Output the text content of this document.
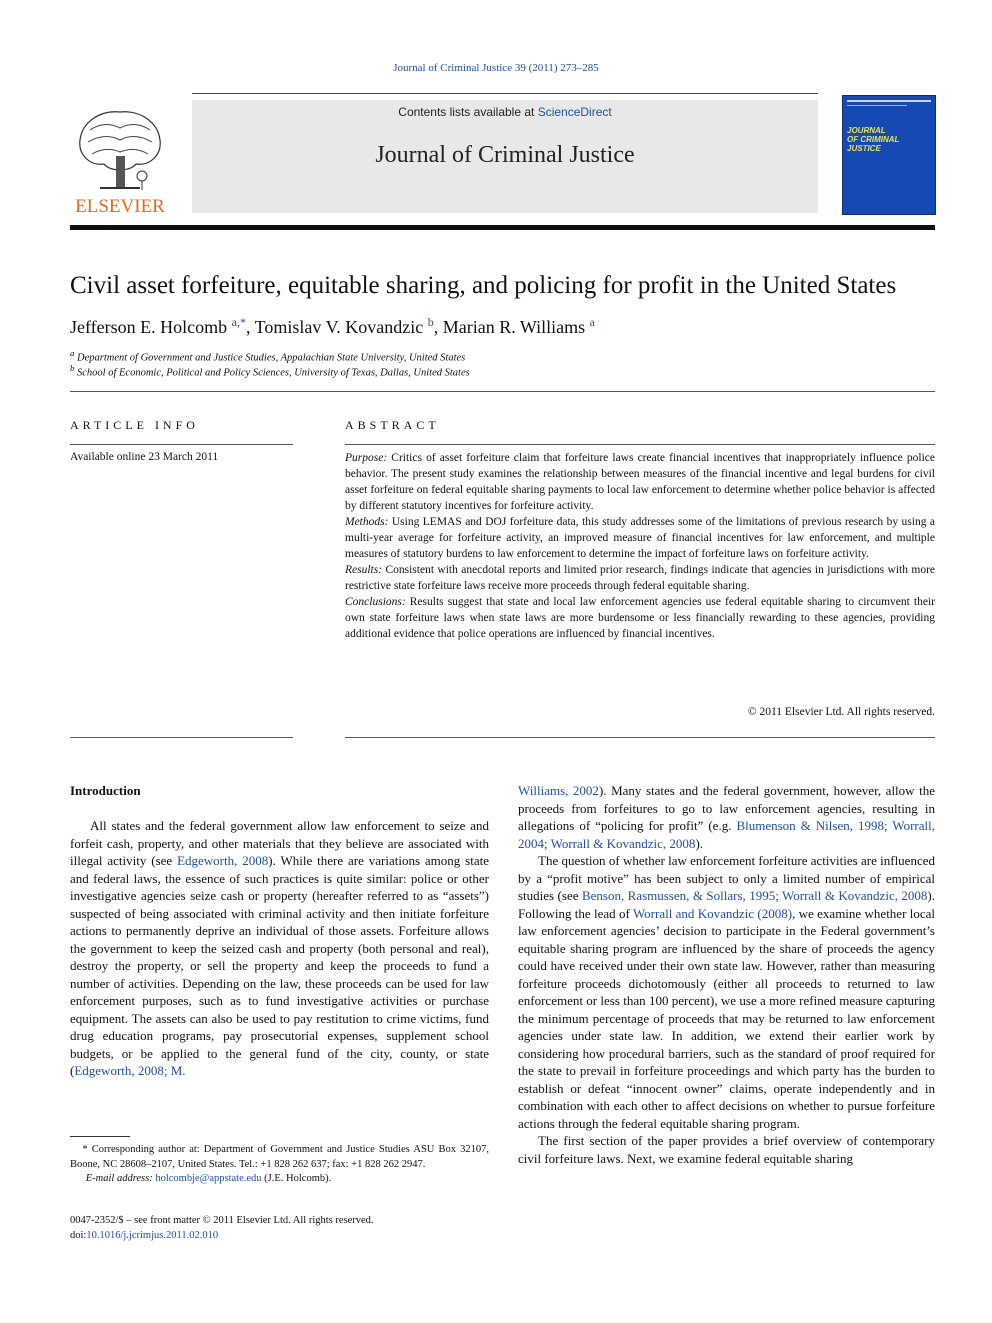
Journal of Criminal Justice 39 (2011) 273–285
ELSEVIER
Contents lists available at ScienceDirect
Journal of Criminal Justice
JOURNAL
OF CRIMINAL
JUSTICE
Civil asset forfeiture, equitable sharing, and policing for profit in the United States
Jefferson E. Holcomb $^{a,*}$, Tomislav V. Kovandzic $^b$, Marian R. Williams $^a$
$^a$ Department of Government and Justice Studies, Appalachian State University, United States
$^b$ School of Economic, Political and Policy Sciences, University of Texas, Dallas, United States
ARTICLE INFO	ABSTRACT
Available online 23 March 2011	Purpose: Critics of asset forfeiture claim that forfeiture laws create financial incentives that inappropriately influence police behavior. The present study examines the relationship between measures of the financial incentive and legal burdens for civil asset forfeiture on federal equitable sharing payments to local law enforcement to determine whether police behavior is affected by different statutory incentives for forfeiture activity.

Methods: Using LEMAS and DOJ forfeiture data, this study addresses some of the limitations of previous research by using a multi-year average for forfeiture activity, an improved measure of financial incentives for law enforcement, and multiple measures of statutory burdens to law enforcement to determine the impact of forfeiture laws on forfeiture activity.

Results: Consistent with anecdotal reports and limited prior research, findings indicate that agencies in jurisdictions with more restrictive state forfeiture laws receive more proceeds through federal equitable sharing.

Conclusions: Results suggest that state and local law enforcement agencies use federal equitable sharing to circumvent their own state forfeiture laws when state laws are more burdensome or less financially rewarding to these agencies, providing additional evidence that police operations are influenced by financial incentives.

© 2011 Elsevier Ltd. All rights reserved.
Introduction

All states and the federal government allow law enforcement to seize and forfeit cash, property, and other materials that they believe are associated with illegal activity (see Edgeworth, 2008). While there are variations among state and federal laws, the essence of such practices is quite similar: police or other investigative agencies seize cash or property (hereafter referred to as “assets”) suspected of being associated with criminal activity and then initiate forfeiture actions to permanently deprive an individual of those assets. Forfeiture allows the government to keep the seized cash and property (both personal and real), destroy the property, or sell the property and keep the proceeds to fund a number of activities. Depending on the law, these proceeds can be used for law enforcement purposes, such as to fund investigative activities or purchase equipment. The assets can also be used to pay restitution to crime victims, fund drug education programs, pay prosecutorial expenses, supplement school budgets, or be applied to the general fund of the city, county, or state (Edgeworth, 2008; M.

Williams, 2002). Many states and the federal government, however, allow the proceeds from forfeitures to go to law enforcement agencies, resulting in allegations of “policing for profit” (e.g. Blumenson & Nilsen, 1998; Worrall, 2004; Worrall & Kovandzic, 2008).

The question of whether law enforcement forfeiture activities are influenced by a “profit motive” has been subject to only a limited number of empirical studies (see Benson, Rasmussen, & Sollars, 1995; Worrall & Kovandzic, 2008). Following the lead of Worrall and Kovandzic (2008), we examine whether local law enforcement agencies’ decision to participate in the Federal government’s equitable sharing program are influenced by the share of proceeds the agency could have received under their own state law. However, rather than measuring forfeiture proceeds dichotomously (either all proceeds to returned to law enforcement or less than 100 percent), we use a more refined measure capturing the minimum percentage of proceeds that may be returned to law enforcement agencies under state law. In addition, we extend their earlier work by considering how procedural barriers, such as the standard of proof required for the state to prevail in forfeiture proceedings and which party has the burden to establish or defeat “innocent owner” claims, operate independently and in combination with each other to affect decisions on whether to pursue forfeiture actions through the federal equitable sharing program.

The first section of the paper provides a brief overview of contemporary civil forfeiture laws. Next, we examine federal equitable sharing

* Corresponding author at: Department of Government and Justice Studies ASU Box 32107, Boone, NC 28608–2107, United States. Tel.: +1 828 262 637; fax: +1 828 262 2947.

E-mail address: holcombje@appstate.edu (J.E. Holcomb).

0047-2352/$ – see front matter © 2011 Elsevier Ltd. All rights reserved.
doi:10.1016/j.jcrimjus.2011.02.010
